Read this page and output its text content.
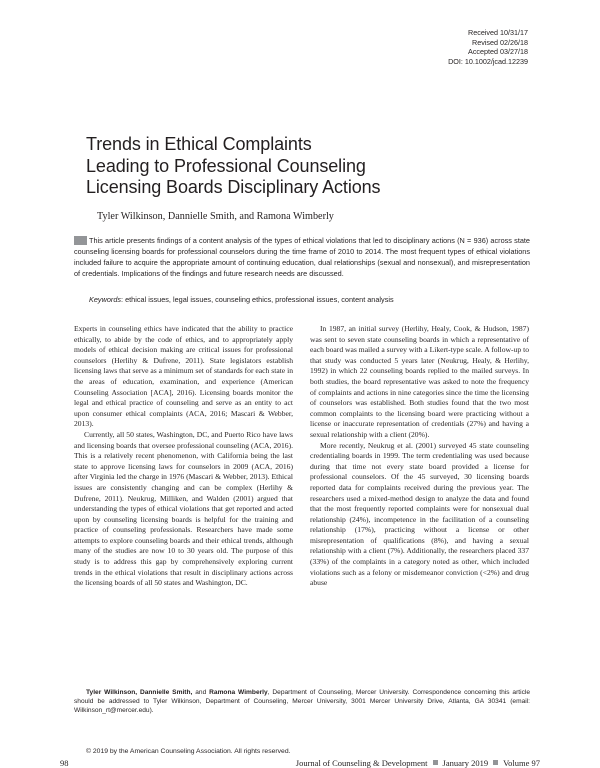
Received 10/31/17
Revised 02/26/18
Accepted 03/27/18
DOI: 10.1002/jcad.12239
Trends in Ethical Complaints
Leading to Professional Counseling
Licensing Boards Disciplinary Actions
Tyler Wilkinson, Dannielle Smith, and Ramona Wimberly

This article presents findings of a content analysis of the types of ethical violations that led to disciplinary actions (N = 936) across state counseling licensing boards for professional counselors during the time frame of 2010 to 2014. The most frequent types of ethical violations included failure to acquire the appropriate amount of continuing education, dual relationships (sexual and nonsexual), and misrepresentation of credentials. Implications of the findings and future research needs are discussed.

Keywords: ethical issues, legal issues, counseling ethics, professional issues, content analysis

Experts in counseling ethics have indicated that the ability to practice ethically, to abide by the code of ethics, and to appropriately apply models of ethical decision making are critical issues for professional counselors (Herlihy & Dufrene, 2011). State legislators establish licensing laws that serve as a minimum set of standards for each state in the areas of education, examination, and experience (American Counseling Association [ACA], 2016). Licensing boards monitor the legal and ethical practice of counseling and serve as an entity to act upon consumer ethical complaints (ACA, 2016; Mascari & Webber, 2013).

Currently, all 50 states, Washington, DC, and Puerto Rico have laws and licensing boards that oversee professional counseling (ACA, 2016). This is a relatively recent phenomenon, with California being the last state to approve licensing laws for counselors in 2009 (ACA, 2016) after Virginia led the charge in 1976 (Mascari & Webber, 2013). Ethical issues are consistently changing and can be complex (Herlihy & Dufrene, 2011). Neukrug, Milliken, and Walden (2001) argued that understanding the types of ethical violations that get reported and acted upon by counseling licensing boards is helpful for the training and practice of counseling professionals. Researchers have made some attempts to explore counseling boards and their ethical trends, although many of the studies are now 10 to 30 years old. The purpose of this study is to address this gap by comprehensively exploring current trends in the ethical violations that result in disciplinary actions across the licensing boards of all 50 states and Washington, DC.

In 1987, an initial survey (Herlihy, Healy, Cook, & Hudson, 1987) was sent to seven state counseling boards in which a representative of each board was mailed a survey with a Likert-type scale. A follow-up to that study was conducted 5 years later (Neukrug, Healy, & Herlihy, 1992) in which 22 counseling boards replied to the mailed surveys. In both studies, the board representative was asked to note the frequency of complaints and actions in nine categories since the time the licensing of counselors was established. Both studies found that the two most common complaints to the licensing board were practicing without a license or inaccurate representation of credentials (27%) and having a sexual relationship with a client (20%).

More recently, Neukrug et al. (2001) surveyed 45 state counseling credentialing boards in 1999. The term credentialing was used because during that time not every state board provided a license for professional counselors. Of the 45 surveyed, 30 licensing boards reported data for complaints received during the previous year. The researchers used a mixed-method design to analyze the data and found that the most frequently reported complaints were for nonsexual dual relationship (24%), incompetence in the facilitation of a counseling relationship (17%), practicing without a license or other misrepresentation of qualifications (8%), and having a sexual relationship with a client (7%). Additionally, the researchers placed 337 (33%) of the complaints in a category noted as other, which included violations such as a felony or misdemeanor conviction (<2%) and drug abuse

Tyler Wilkinson, Dannielle Smith, and Ramona Wimberly, Department of Counseling, Mercer University. Correspondence concerning this article should be addressed to Tyler Wilkinson, Department of Counseling, Mercer University, 3001 Mercer University Drive, Atlanta, GA 30341 (email: Wilkinson_rt@mercer.edu).

© 2019 by the American Counseling Association. All rights reserved.
98	Journal of Counseling & Development January 2019 Volume 97
